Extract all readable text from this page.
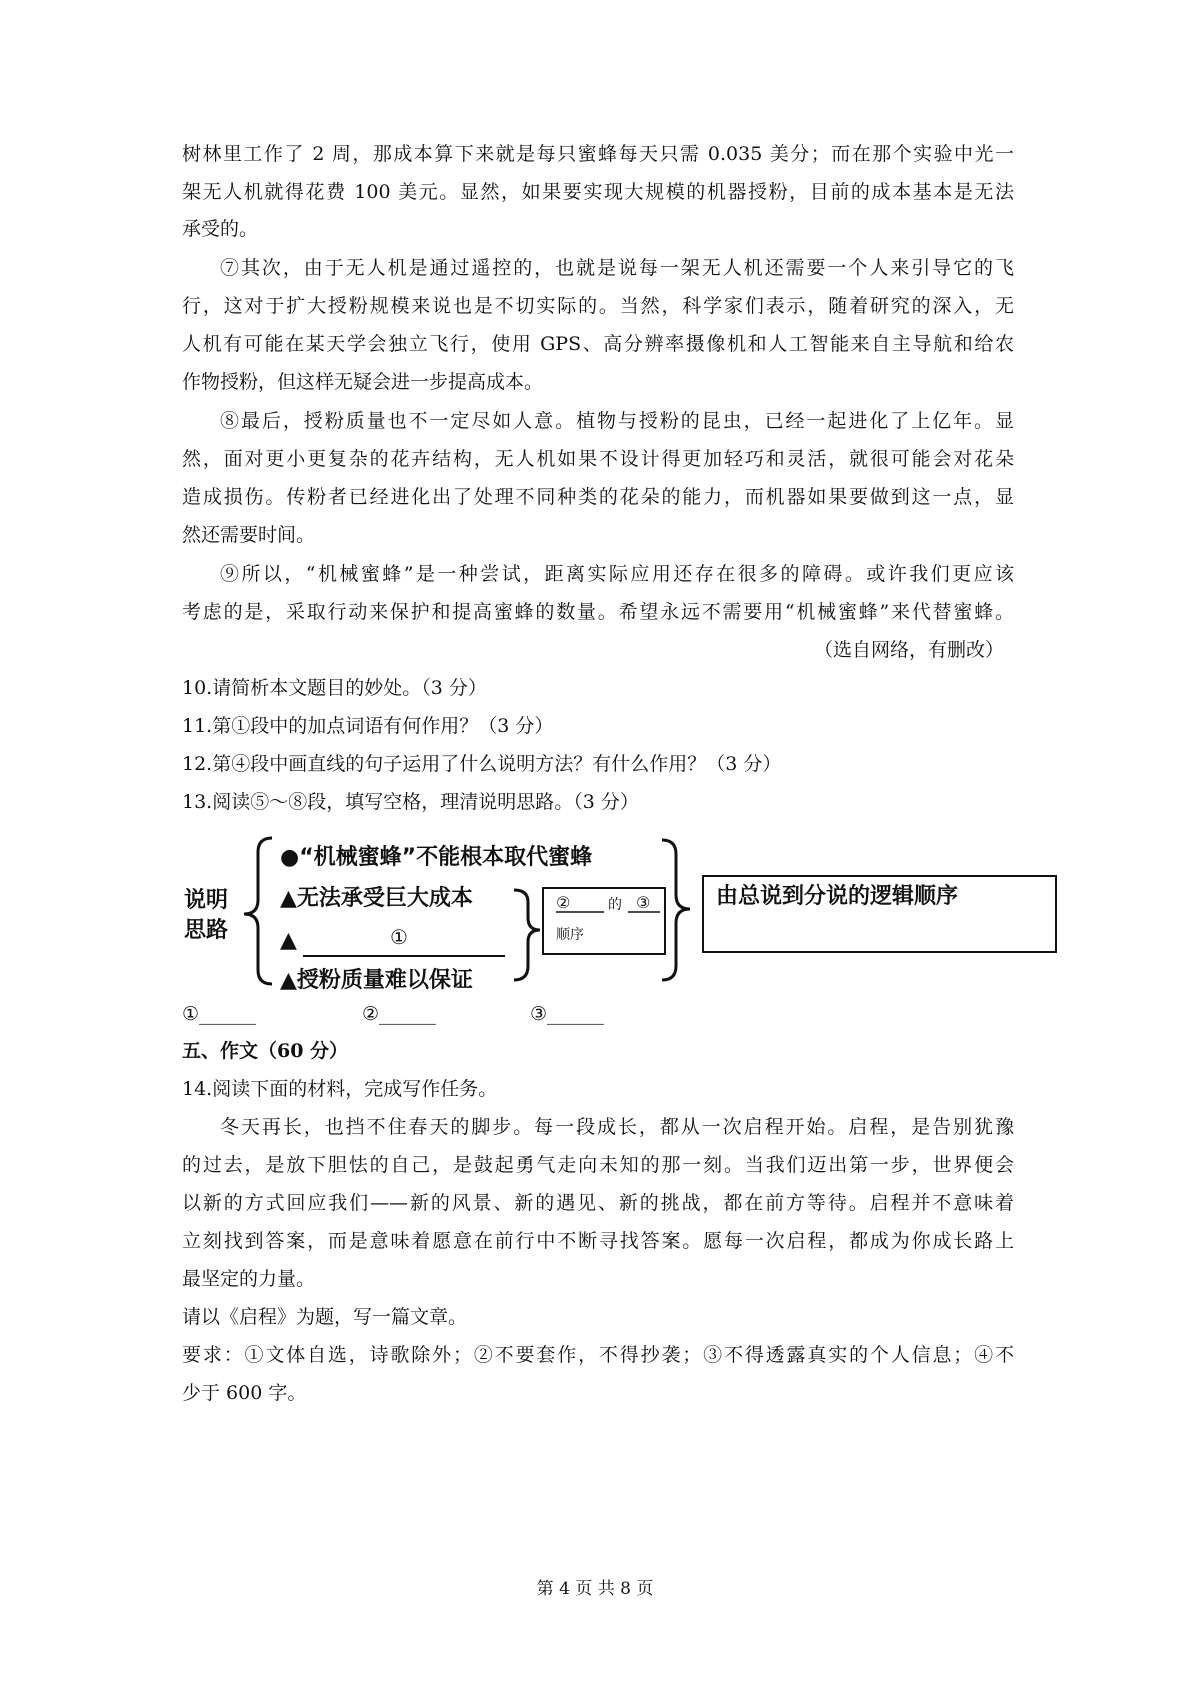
树林里工作了 2 周，那成本算下来就是每只蜜蜂每天只需 0.035 美分；而在那个实验中光一
架无人机就得花费 100 美元。显然，如果要实现大规模的机器授粉，目前的成本基本是无法
承受的。
⑦其次，由于无人机是通过遥控的，也就是说每一架无人机还需要一个人来引导它的飞
行，这对于扩大授粉规模来说也是不切实际的。当然，科学家们表示，随着研究的深入，无
人机有可能在某天学会独立飞行，使用 GPS、高分辨率摄像机和人工智能来自主导航和给农
作物授粉，但这样无疑会进一步提高成本。
⑧最后，授粉质量也不一定尽如人意。植物与授粉的昆虫，已经一起进化了上亿年。显
然，面对更小更复杂的花卉结构，无人机如果不设计得更加轻巧和灵活，就很可能会对花朵
造成损伤。传粉者已经进化出了处理不同种类的花朵的能力，而机器如果要做到这一点，显
然还需要时间。
⑨所以，“机械蜜蜂”是一种尝试，距离实际应用还存在很多的障碍。或许我们更应该
考虑的是，采取行动来保护和提高蜜蜂的数量。希望永远不需要用“机械蜜蜂”来代替蜜蜂。
（选自网络，有删改）
10.请简析本文题目的妙处。（3 分）
11.第①段中的加点词语有何作用？（3 分）
12.第④段中画直线的句子运用了什么说明方法？有什么作用？（3 分）
13.阅读⑤～⑧段，填写空格，理清说明思路。（3 分）
说明
思路
●“机械蜜蜂”不能根本取代蜜蜂
▲无法承受巨大成本
▲	①
▲授粉质量难以保证
②	的 ③
顺序
由总说到分说的逻辑顺序
①______	②______	③______
五、作文（60 分）
14.阅读下面的材料，完成写作任务。
冬天再长，也挡不住春天的脚步。每一段成长，都从一次启程开始。启程，是告别犹豫
的过去，是放下胆怯的自己，是鼓起勇气走向未知的那一刻。当我们迈出第一步，世界便会
以新的方式回应我们——新的风景、新的遇见、新的挑战，都在前方等待。启程并不意味着
立刻找到答案，而是意味着愿意在前行中不断寻找答案。愿每一次启程，都成为你成长路上
最坚定的力量。
请以《启程》为题，写一篇文章。
要求：①文体自选，诗歌除外；②不要套作，不得抄袭；③不得透露真实的个人信息；④不
少于 600 字。
第 4 页 共 8 页
